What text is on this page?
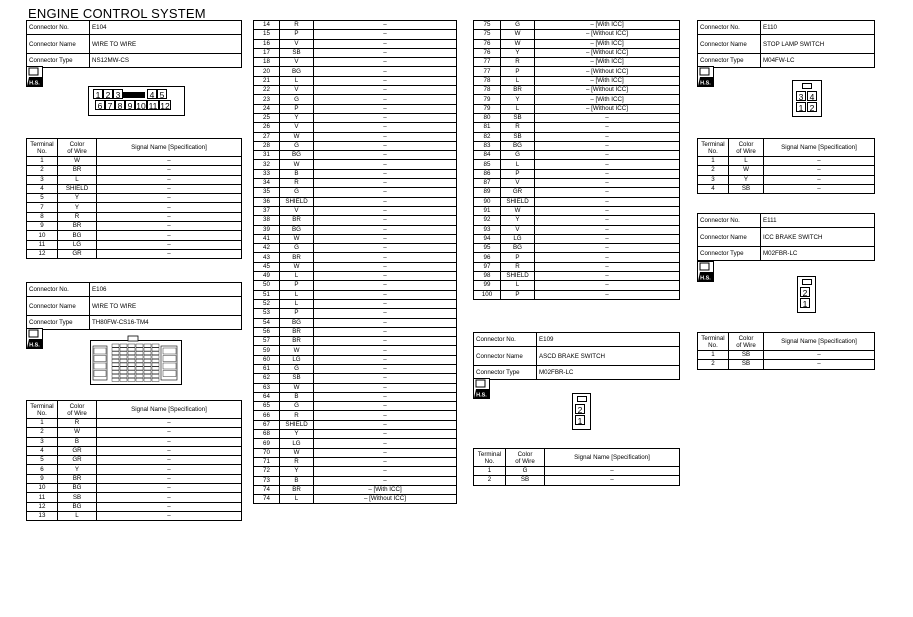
ENGINE CONTROL SYSTEM
Connector No.	E104
Connector Name	WIRE TO WIRE
Connector Type	NS12MW-CS
H.S.
1 2 3	4 5
6 7 8 9 10 11 12
Terminal
No.	Color
of Wire	Signal Name [Specification]
1	W	–
2	BR	–
3	L	–
4	SHIELD	–
5	Y	–
7	Y	–
8	R	–
9	BR	–
10	BG	–
11	LG	–
12	GR	–
Connector No.	E106
Connector Name	WIRE TO WIRE
Connector Type	TH80FW-CS16-TM4
H.S.
Terminal
No.	Color
of Wire	Signal Name [Specification]
1	R	–
2	W	–
3	B	–
4	GR	–
5	GR	–
6	Y	–
9	BR	–
10	BG	–
11	SB	–
12	BG	–
13	L	–
14	R	–
15	P	–
16	V	–
17	SB	–
18	V	–
20	BG	–
21	L	–
22	V	–
23	G	–
24	P	–
25	Y	–
26	V	–
27	W	–
28	G	–
31	BG	–
32	W	–
33	B	–
34	R	–
35	G	–
36	SHIELD	–
37	V	–
38	BR	–
39	BG	–
41	W	–
42	G	–
43	BR	–
45	W	–
49	L	–
50	P	–
51	L	–
52	L	–
53	P	–
54	BG	–
56	BR	–
57	BR	–
59	W	–
60	LG	–
61	G	–
62	SB	–
63	W	–
64	B	–
65	G	–
66	R	–
67	SHIELD	–
68	Y	–
69	LG	–
70	W	–
71	R	–
72	Y	–
73	B	–
74	BR	– [With ICC]
74	L	– [Without ICC]
75	G	– [With ICC]
75	W	– [Without ICC]
76	W	– [With ICC]
76	Y	– [Without ICC]
77	R	– [With ICC]
77	P	– [Without ICC]
78	L	– [With ICC]
78	BR	– [Without ICC]
79	Y	– [With ICC]
79	L	– [Without ICC]
80	SB	–
81	R	–
82	SB	–
83	BG	–
84	G	–
85	L	–
86	P	–
87	V	–
89	GR	–
90	SHIELD	–
91	W	–
92	Y	–
93	V	–
94	LG	–
95	BG	–
96	P	–
97	R	–
98	SHIELD	–
99	L	–
100	P	–
Connector No.	E109
Connector Name	ASCD BRAKE SWITCH
Connector Type	M02FBR-LC
H.S.
2
1
Terminal
No.	Color
of Wire	Signal Name [Specification]
1	G	–
2	SB	–
Connector No.	E110
Connector Name	STOP LAMP SWITCH
Connector Type	M04FW-LC
H.S.
3 4
1 2
Terminal
No.	Color
of Wire	Signal Name [Specification]
1	L	–
2	W	–
3	Y	–
4	SB	–
Connector No.	E111
Connector Name	ICC BRAKE SWITCH
Connector Type	M02FBR-LC
H.S.
2
1
Terminal
No.	Color
of Wire	Signal Name [Specification]
1	SB	–
2	SB	–
